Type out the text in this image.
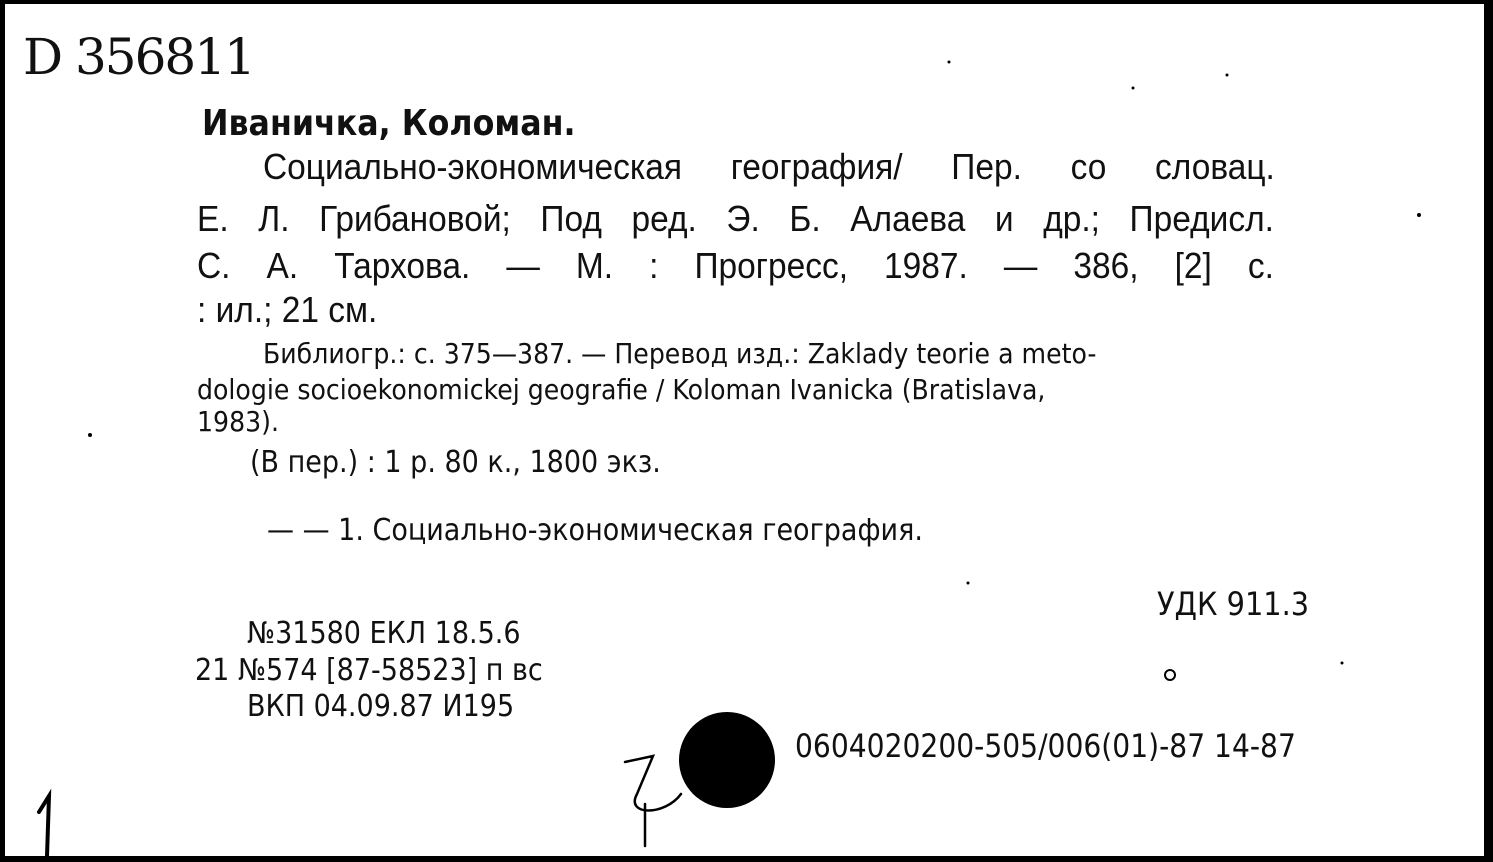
D 356811
Иваничка, Коломан.
Социально-экономическая география/ Пер. со словац.
Е. Л. Грибановой; Под ред. Э. Б. Алаева и др.; Предисл.
С. А. Тархова. — М. : Прогресс, 1987. — 386, [2] с.
: ил.; 21 см.
Библиогр.: с. 375—387. — Перевод изд.: Zaklady teorie a meto-
dologie socioekonomickej geografie / Koloman Ivanicka (Bratislava,
1983).
(В пер.) : 1 р. 80 к., 1800 экз.
— — 1. Социально-экономическая география.
УДК 911.3
№31580 ЕКЛ 18.5.6
21 №574 [87-58523] п вс
ВКП 04.09.87 И195
0604020200-505/006(01)-87 14-87
